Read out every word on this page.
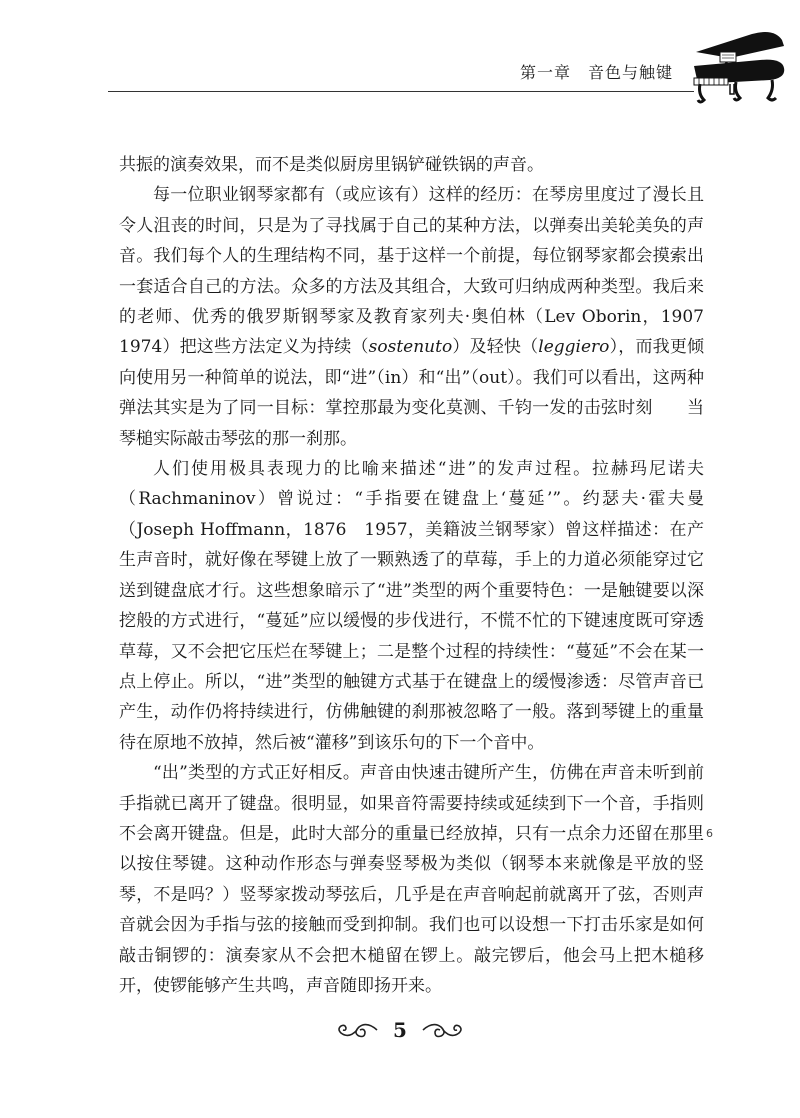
第一章　音色与触键

共振的演奏效果，而不是类似厨房里锅铲碰铁锅的声音。

每一位职业钢琴家都有（或应该有）这样的经历：在琴房里度过了漫长且令人沮丧的时间，只是为了寻找属于自己的某种方法，以弹奏出美轮美奂的声音。我们每个人的生理结构不同，基于这样一个前提，每位钢琴家都会摸索出一套适合自己的方法。众多的方法及其组合，大致可归纳成两种类型。我后来的老师、优秀的俄罗斯钢琴家及教育家列夫·奥伯林（Lev Oborin，1907　1974）把这些方法定义为持续（sostenuto）及轻快（leggiero），而我更倾向使用另一种简单的说法，即“进”（in）和“出”（out）。我们可以看出，这两种弹法其实是为了同一目标：掌控那最为变化莫测、千钧一发的击弦时刻　　当琴槌实际敲击琴弦的那一刹那。

人们使用极具表现力的比喻来描述“进”的发声过程。拉赫玛尼诺夫（Rachmaninov）曾说过：“手指要在键盘上‘蔓延’”。约瑟夫·霍夫曼（Joseph Hoffmann，1876　1957，美籍波兰钢琴家）曾这样描述：在产生声音时，就好像在琴键上放了一颗熟透了的草莓，手上的力道必须能穿过它送到键盘底才行。这些想象暗示了“进”类型的两个重要特色：一是触键要以深挖般的方式进行，“蔓延”应以缓慢的步伐进行，不慌不忙的下键速度既可穿透草莓，又不会把它压烂在琴键上；二是整个过程的持续性：“蔓延”不会在某一点上停止。所以，“进”类型的触键方式基于在键盘上的缓慢渗透：尽管声音已产生，动作仍将持续进行，仿佛触键的刹那被忽略了一般。落到琴键上的重量待在原地不放掉，然后被“灌移”到该乐句的下一个音中。

“出”类型的方式正好相反。声音由快速击键所产生，仿佛在声音未听到前手指就已离开了键盘。很明显，如果音符需要持续或延续到下一个音，手指则不会离开键盘。但是，此时大部分的重量已经放掉，只有一点余力还留在那里以按住琴键。这种动作形态与弹奏竖琴极为类似（钢琴本来就像是平放的竖琴，不是吗？）竖琴家拨动琴弦后，几乎是在声音响起前就离开了弦，否则声音就会因为手指与弦的接触而受到抑制。我们也可以设想一下打击乐家是如何敲击铜锣的：演奏家从不会把木槌留在锣上。敲完锣后，他会马上把木槌移开，使锣能够产生共鸣，声音随即扬开来。

6
5
